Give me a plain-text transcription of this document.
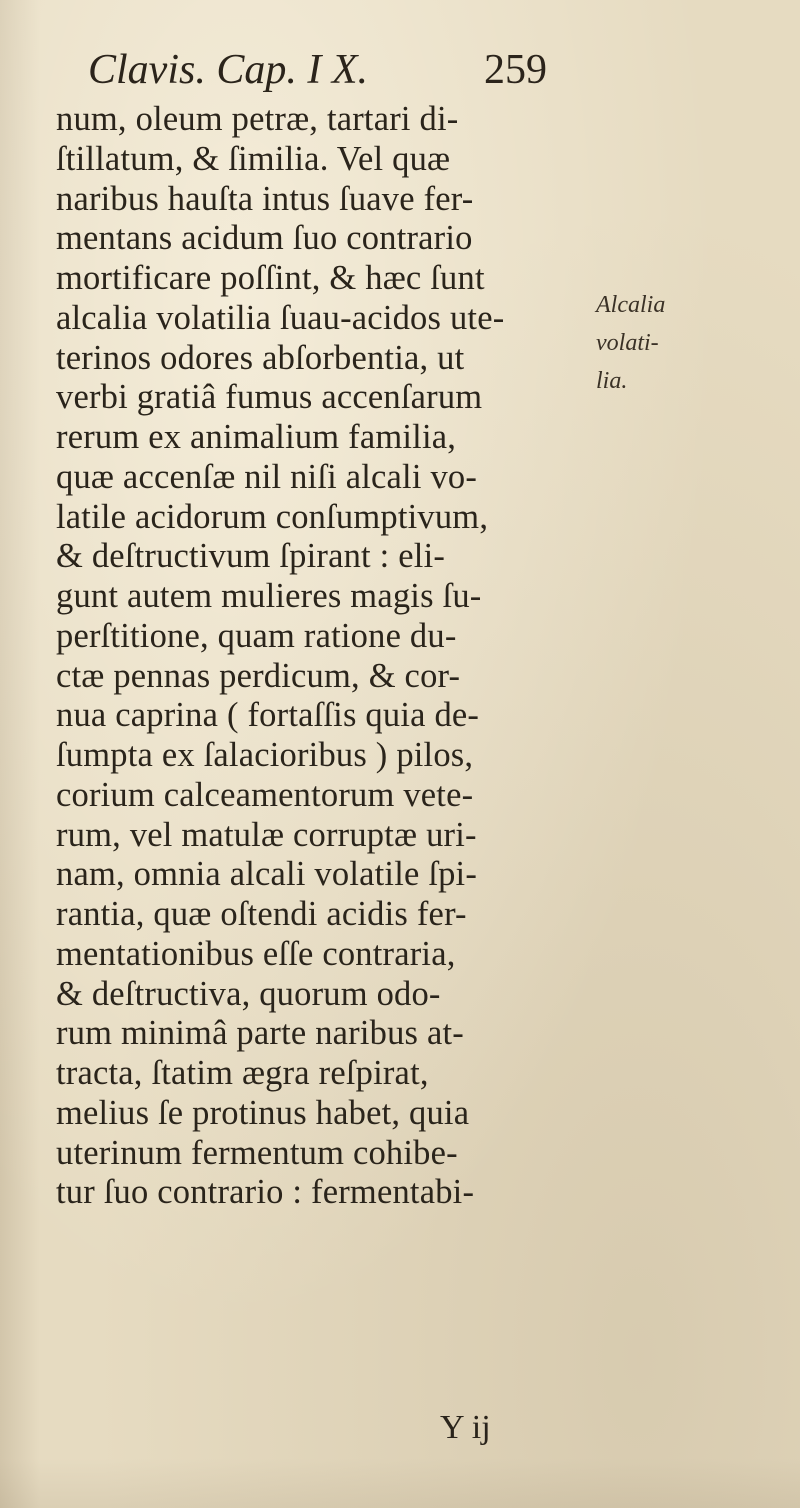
Clavis. Cap. I X.	259
num, oleum petræ, tartari di-
ſtillatum, & ſimilia. Vel quæ
naribus hauſta intus ſuave fer-
mentans acidum ſuo contrario
mortificare poſſint, & hæc ſunt
alcalia volatilia ſuau-acidos ute-
terinos odores abſorbentia, ut
verbi gratiâ fumus accenſarum
rerum ex animalium familia,
quæ accenſæ nil niſi alcali vo-
latile acidorum conſumptivum,
& deſtructivum ſpirant : eli-
gunt autem mulieres magis ſu-
perſtitione, quam ratione du-
ctæ pennas perdicum, & cor-
nua caprina ( fortaſſis quia de-
ſumpta ex ſalacioribus ) pilos,
corium calceamentorum vete-
rum, vel matulæ corruptæ uri-
nam, omnia alcali volatile ſpi-
rantia, quæ oſtendi acidis fer-
mentationibus eſſe contraria,
& deſtructiva, quorum odo-
rum minimâ parte naribus at-
tracta, ſtatim ægra reſpirat,
melius ſe protinus habet, quia
uterinum fermentum cohibe-
tur ſuo contrario : fermentabi-
Alcalia
volati-
lia.
Y ij
